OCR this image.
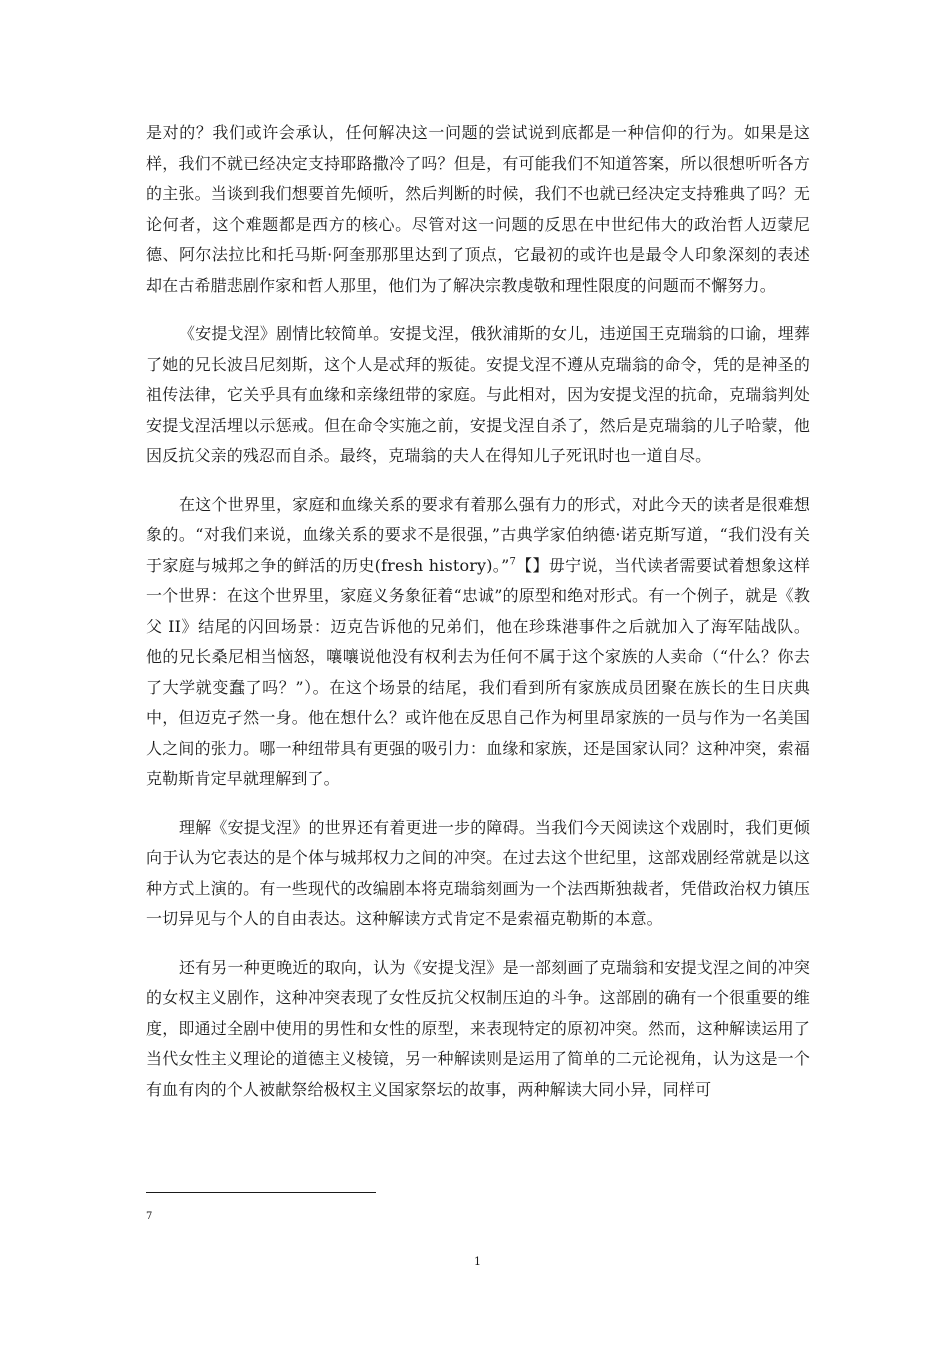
是对的？我们或许会承认，任何解决这一问题的尝试说到底都是一种信仰的行为。如果是这样，我们不就已经决定支持耶路撒冷了吗？但是，有可能我们不知道答案，所以很想听听各方的主张。当谈到我们想要首先倾听，然后判断的时候，我们不也就已经决定支持雅典了吗？无论何者，这个难题都是西方的核心。尽管对这一问题的反思在中世纪伟大的政治哲人迈蒙尼德、阿尔法拉比和托马斯·阿奎那那里达到了顶点，它最初的或许也是最令人印象深刻的表述却在古希腊悲剧作家和哲人那里，他们为了解决宗教虔敬和理性限度的问题而不懈努力。

《安提戈涅》剧情比较简单。安提戈涅，俄狄浦斯的女儿，违逆国王克瑞翁的口谕，埋葬了她的兄长波吕尼刻斯，这个人是忒拜的叛徒。安提戈涅不遵从克瑞翁的命令，凭的是神圣的祖传法律，它关乎具有血缘和亲缘纽带的家庭。与此相对，因为安提戈涅的抗命，克瑞翁判处安提戈涅活埋以示惩戒。但在命令实施之前，安提戈涅自杀了，然后是克瑞翁的儿子哈蒙，他因反抗父亲的残忍而自杀。最终，克瑞翁的夫人在得知儿子死讯时也一道自尽。

在这个世界里，家庭和血缘关系的要求有着那么强有力的形式，对此今天的读者是很难想象的。“对我们来说，血缘关系的要求不是很强，”古典学家伯纳德·诺克斯写道，“我们没有关于家庭与城邦之争的鲜活的历史(fresh history)。”$^7$【】毋宁说，当代读者需要试着想象这样一个世界：在这个世界里，家庭义务象征着“忠诚”的原型和绝对形式。有一个例子，就是《教父 II》结尾的闪回场景：迈克告诉他的兄弟们，他在珍珠港事件之后就加入了海军陆战队。他的兄长桑尼相当恼怒，嚷嚷说他没有权利去为任何不属于这个家族的人卖命（“什么？你去了大学就变蠢了吗？”）。在这个场景的结尾，我们看到所有家族成员团聚在族长的生日庆典中，但迈克孑然一身。他在想什么？或许他在反思自己作为柯里昂家族的一员与作为一名美国人之间的张力。哪一种纽带具有更强的吸引力：血缘和家族，还是国家认同？这种冲突，索福克勒斯肯定早就理解到了。

理解《安提戈涅》的世界还有着更进一步的障碍。当我们今天阅读这个戏剧时，我们更倾向于认为它表达的是个体与城邦权力之间的冲突。在过去这个世纪里，这部戏剧经常就是以这种方式上演的。有一些现代的改编剧本将克瑞翁刻画为一个法西斯独裁者，凭借政治权力镇压一切异见与个人的自由表达。这种解读方式肯定不是索福克勒斯的本意。

还有另一种更晚近的取向，认为《安提戈涅》是一部刻画了克瑞翁和安提戈涅之间的冲突的女权主义剧作，这种冲突表现了女性反抗父权制压迫的斗争。这部剧的确有一个很重要的维度，即通过全剧中使用的男性和女性的原型，来表现特定的原初冲突。然而，这种解读运用了当代女性主义理论的道德主义棱镜，另一种解读则是运用了简单的二元论视角，认为这是一个有血有肉的个人被献祭给极权主义国家祭坛的故事，两种解读大同小异，同样可

7
1
